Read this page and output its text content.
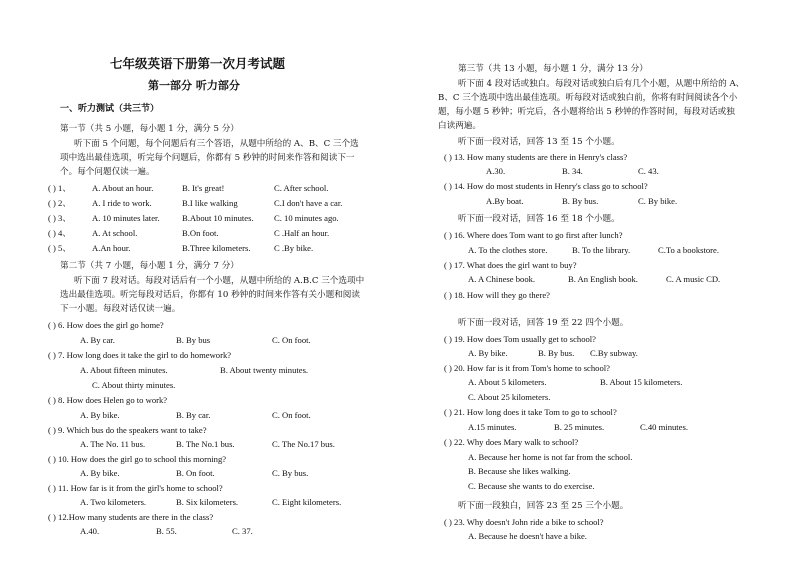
七年级英语下册第一次月考试题
第一部分 听力部分
一、听力测试（共三节）
第一节（共 5 小题，每小题 1 分，满分 5 分）
听下面 5 个问题，每个问题后有三个答语，从题中所给的 A、B、C 三个选
项中选出最佳选项，听完每个问题后，你都有 5 秒钟的时间来作答和阅读下一
个。每个问题仅读一遍。
( ) 1、 A. About an hour.	B. It's great!	C. After school.
( ) 2、 A. I ride to work.	B.I like walking	C.I don't have a car.
( ) 3、 A. 10 minutes later.	B.About 10 minutes. C. 10 minutes ago.
( ) 4、 A. At school.	B.On foot.	C .Half an hour.
( ) 5、 A.An hour.	B.Three kilometers.	C .By bike.
第二节（共 7 小题，每小题 1 分，满分 7 分）
听下面 7 段对话。每段对话后有一个小题，从题中所给的 A.B.C 三个选项中
选出最佳选项。听完每段对话后，你都有 10 秒钟的时间来作答有关小题和阅读
下一小题。每段对话仅读一遍。
( ) 6. How does the girl go home?
A. By car.	B. By bus	C. On foot.
( ) 7. How long does it take the girl to do homework?
A. About fifteen minutes.	B. About twenty minutes.
C. About thirty minutes.
( ) 8. How does Helen go to work?
A. By bike.	B. By car.	C. On foot.
( ) 9. Which bus do the speakers want to take?
A. The No. 11 bus.	B. The No.1 bus.	C. The No.17 bus.
( ) 10. How does the girl go to school this morning?
A. By bike.	B. On foot.	C. By bus.
( ) 11. How far is it from the girl's home to school?
A. Two kilometers.	B. Six kilometers.	C. Eight kilometers.
( ) 12.How many students are there in the class?
A.40.	B. 55.	C. 37.
第三节（共 13 小题，每小题 1 分，满分 13 分）
听下面 4 段对话或独白。每段对话或独白后有几个小题，从题中所给的 A、
B、C 三个选项中选出最佳选项。听每段对话或独白前，你将有时间阅读各个小
题，每小题 5 秒钟；听完后，各小题将给出 5 秒钟的作答时间，每段对话或独
白读两遍。
听下面一段对话，回答 13 至 15 个小题。
( ) 13. How many students are there in Henry's class?
A.30.	B. 34.	C. 43.
( ) 14. How do most students in Henry's class go to school?
A.By boat.	B. By bus.	C. By bike.
听下面一段对话，回答 16 至 18 个小题。
( ) 16. Where does Tom want to go first after lunch?
A. To the clothes store.	B. To the library.	C.To a bookstore.
( ) 17. What does the girl want to buy?
A. A Chinese book.	B. An English book.	C. A music CD.
( ) 18. How will they go there?
听下面一段对话，回答 19 至 22 四个小题。
( ) 19. How does Tom usually get to school?
A. By bike.	B. By bus. C.By subway.
( ) 20. How far is it from Tom's home to school?
A. About 5 kilometers.	B. About 15 kilometers.
C. About 25 kilometers.
( ) 21. How long does it take Tom to go to school?
A.15 minutes.	B. 25 minutes.	C.40 minutes.
( ) 22. Why does Mary walk to school?
A. Because her home is not far from the school.
B. Because she likes walking.
C. Because she wants to do exercise.
听下面一段独白，回答 23 至 25 三个小题。
( ) 23. Why doesn't John ride a bike to school?
A. Because he doesn't have a bike.
